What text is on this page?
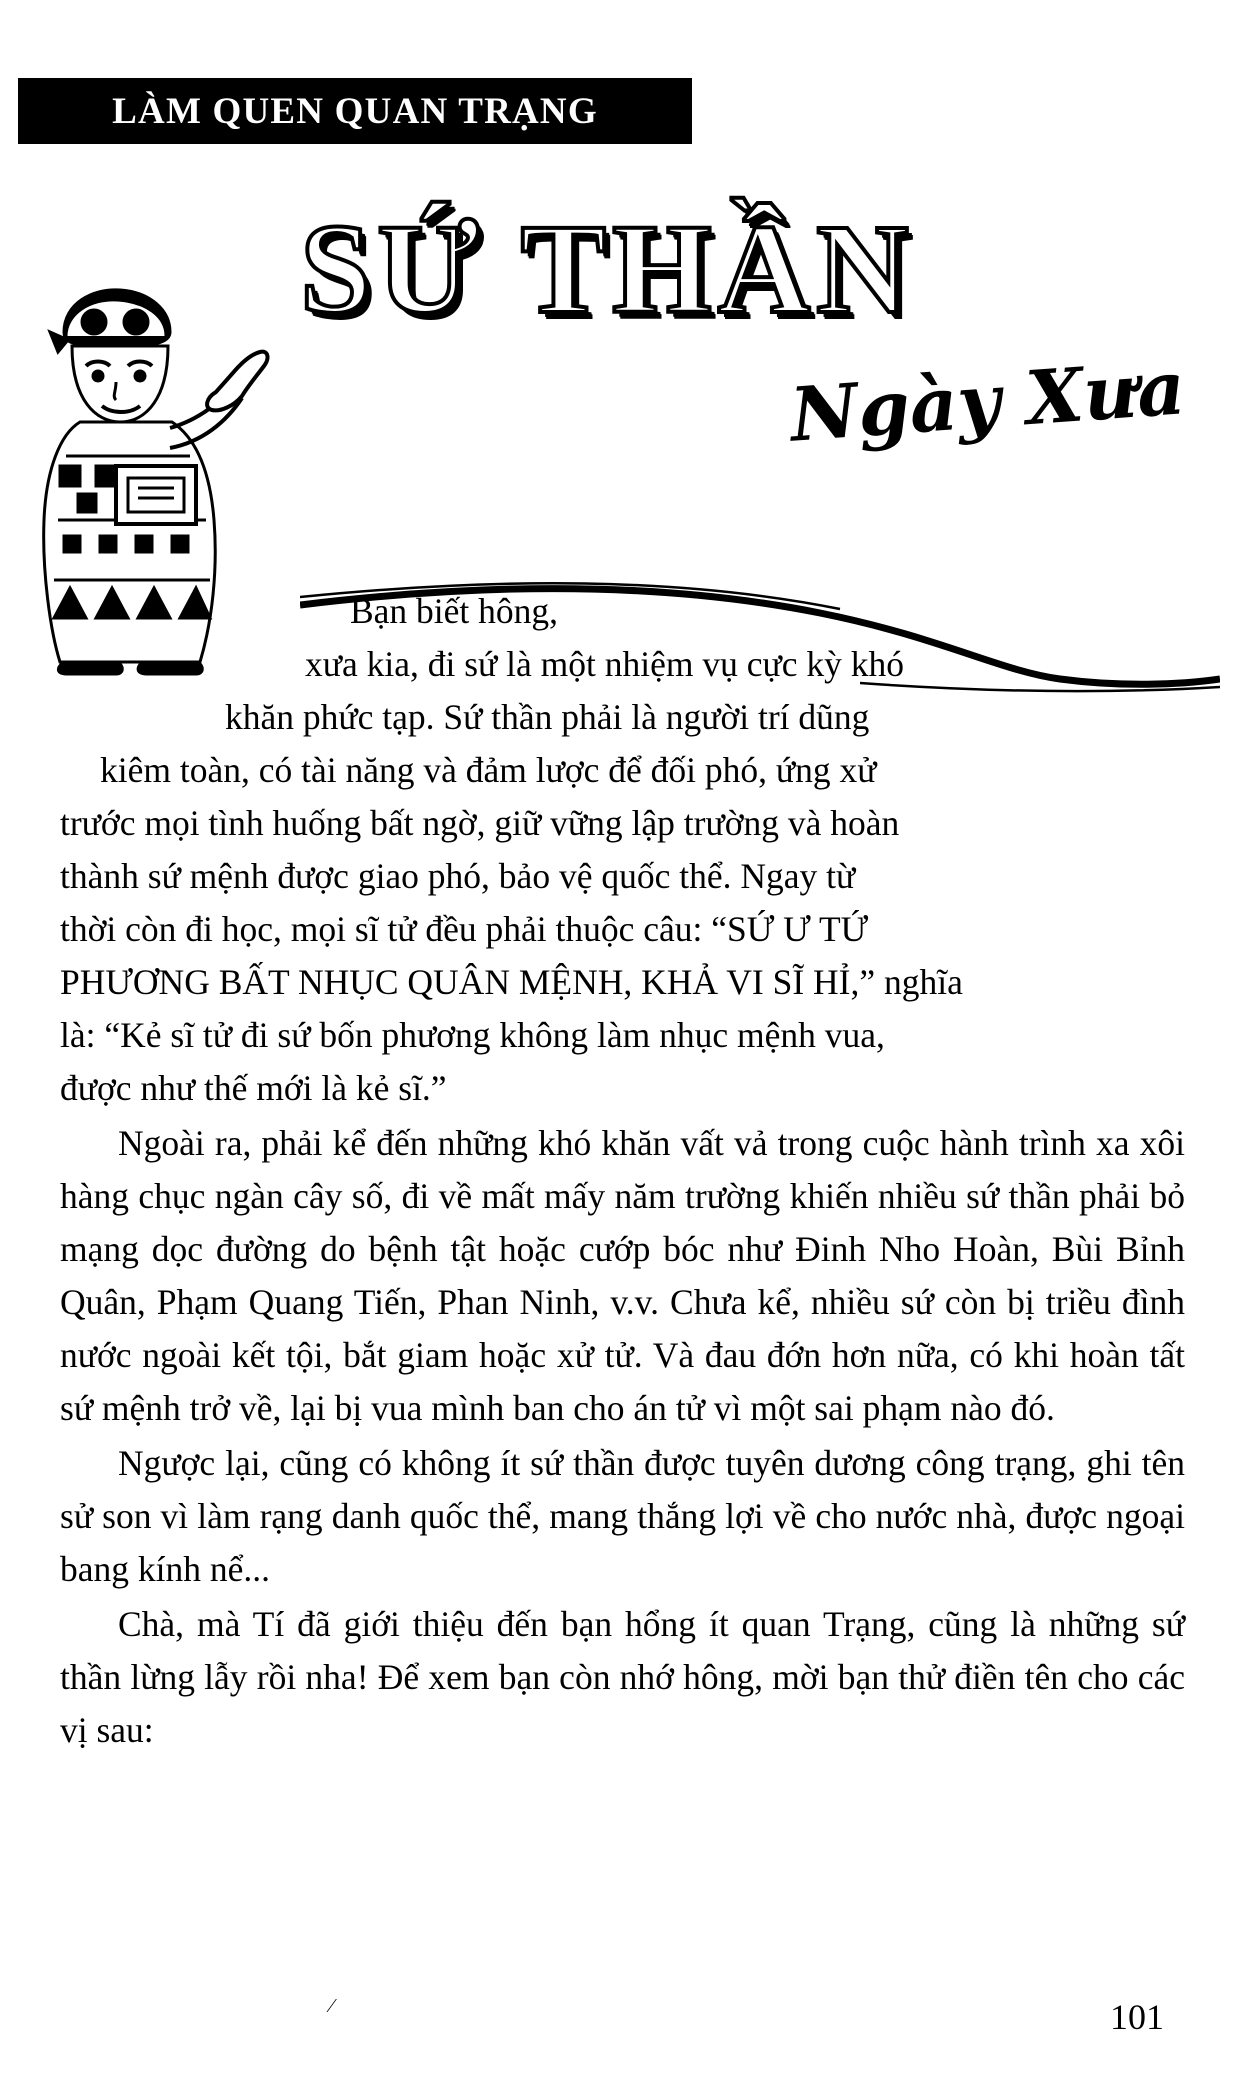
LÀM QUEN QUAN TRẠNG
SỨ THẦN
Ngày Xưa

Bạn biết hông,
xưa kia, đi sứ là một nhiệm vụ cực kỳ khó
khăn phức tạp. Sứ thần phải là người trí dũng
kiêm toàn, có tài năng và đảm lược để đối phó, ứng xử
trước mọi tình huống bất ngờ, giữ vững lập trường và hoàn
thành sứ mệnh được giao phó, bảo vệ quốc thể. Ngay từ
thời còn đi học, mọi sĩ tử đều phải thuộc câu: “SỨ Ư TỨ
PHƯƠNG BẤT NHỤC QUÂN MỆNH, KHẢ VI SĨ HỈ,” nghĩa
là: “Kẻ sĩ tử đi sứ bốn phương không làm nhục mệnh vua,
được như thế mới là kẻ sĩ.”

Ngoài ra, phải kể đến những khó khăn vất vả trong cuộc hành trình xa xôi hàng chục ngàn cây số, đi về mất mấy năm trường khiến nhiều sứ thần phải bỏ mạng dọc đường do bệnh tật hoặc cướp bóc như Đinh Nho Hoàn, Bùi Bỉnh Quân, Phạm Quang Tiến, Phan Ninh, v.v. Chưa kể, nhiều sứ còn bị triều đình nước ngoài kết tội, bắt giam hoặc xử tử. Và đau đớn hơn nữa, có khi hoàn tất sứ mệnh trở về, lại bị vua mình ban cho án tử vì một sai phạm nào đó.

Ngược lại, cũng có không ít sứ thần được tuyên dương công trạng, ghi tên sử son vì làm rạng danh quốc thể, mang thắng lợi về cho nước nhà, được ngoại bang kính nể...

Chà, mà Tí đã giới thiệu đến bạn hổng ít quan Trạng, cũng là những sứ thần lừng lẫy rồi nha! Để xem bạn còn nhớ hông, mời bạn thử điền tên cho các vị sau:

⁄	101
